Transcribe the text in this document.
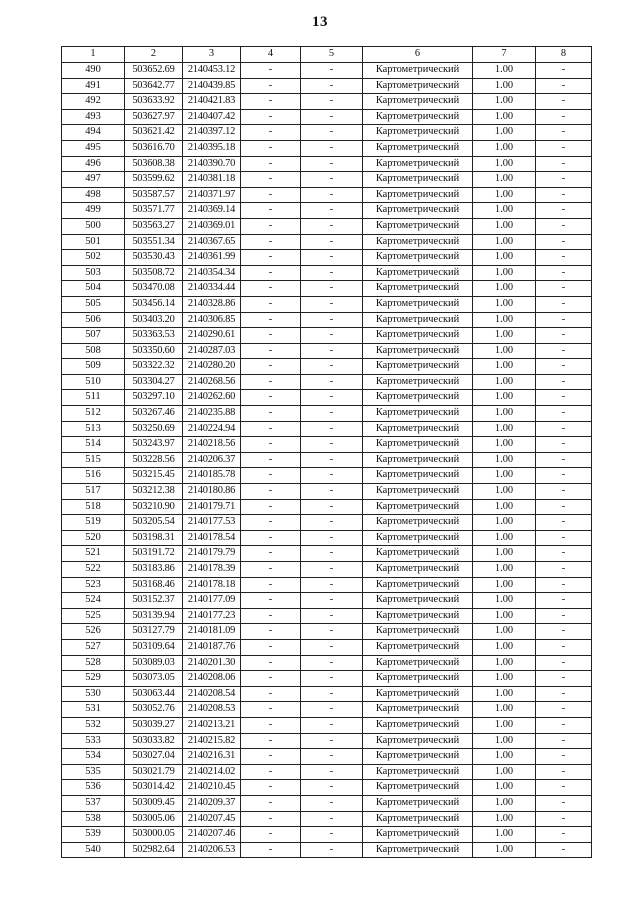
13
1	2	3	4	5	6	7	8
490	503652.69	2140453.12	-	-	Картометрический	1.00	-
491	503642.77	2140439.85	-	-	Картометрический	1.00	-
492	503633.92	2140421.83	-	-	Картометрический	1.00	-
493	503627.97	2140407.42	-	-	Картометрический	1.00	-
494	503621.42	2140397.12	-	-	Картометрический	1.00	-
495	503616.70	2140395.18	-	-	Картометрический	1.00	-
496	503608.38	2140390.70	-	-	Картометрический	1.00	-
497	503599.62	2140381.18	-	-	Картометрический	1.00	-
498	503587.57	2140371.97	-	-	Картометрический	1.00	-
499	503571.77	2140369.14	-	-	Картометрический	1.00	-
500	503563.27	2140369.01	-	-	Картометрический	1.00	-
501	503551.34	2140367.65	-	-	Картометрический	1.00	-
502	503530.43	2140361.99	-	-	Картометрический	1.00	-
503	503508.72	2140354.34	-	-	Картометрический	1.00	-
504	503470.08	2140334.44	-	-	Картометрический	1.00	-
505	503456.14	2140328.86	-	-	Картометрический	1.00	-
506	503403.20	2140306.85	-	-	Картометрический	1.00	-
507	503363.53	2140290.61	-	-	Картометрический	1.00	-
508	503350.60	2140287.03	-	-	Картометрический	1.00	-
509	503322.32	2140280.20	-	-	Картометрический	1.00	-
510	503304.27	2140268.56	-	-	Картометрический	1.00	-
511	503297.10	2140262.60	-	-	Картометрический	1.00	-
512	503267.46	2140235.88	-	-	Картометрический	1.00	-
513	503250.69	2140224.94	-	-	Картометрический	1.00	-
514	503243.97	2140218.56	-	-	Картометрический	1.00	-
515	503228.56	2140206.37	-	-	Картометрический	1.00	-
516	503215.45	2140185.78	-	-	Картометрический	1.00	-
517	503212.38	2140180.86	-	-	Картометрический	1.00	-
518	503210.90	2140179.71	-	-	Картометрический	1.00	-
519	503205.54	2140177.53	-	-	Картометрический	1.00	-
520	503198.31	2140178.54	-	-	Картометрический	1.00	-
521	503191.72	2140179.79	-	-	Картометрический	1.00	-
522	503183.86	2140178.39	-	-	Картометрический	1.00	-
523	503168.46	2140178.18	-	-	Картометрический	1.00	-
524	503152.37	2140177.09	-	-	Картометрический	1.00	-
525	503139.94	2140177.23	-	-	Картометрический	1.00	-
526	503127.79	2140181.09	-	-	Картометрический	1.00	-
527	503109.64	2140187.76	-	-	Картометрический	1.00	-
528	503089.03	2140201.30	-	-	Картометрический	1.00	-
529	503073.05	2140208.06	-	-	Картометрический	1.00	-
530	503063.44	2140208.54	-	-	Картометрический	1.00	-
531	503052.76	2140208.53	-	-	Картометрический	1.00	-
532	503039.27	2140213.21	-	-	Картометрический	1.00	-
533	503033.82	2140215.82	-	-	Картометрический	1.00	-
534	503027.04	2140216.31	-	-	Картометрический	1.00	-
535	503021.79	2140214.02	-	-	Картометрический	1.00	-
536	503014.42	2140210.45	-	-	Картометрический	1.00	-
537	503009.45	2140209.37	-	-	Картометрический	1.00	-
538	503005.06	2140207.45	-	-	Картометрический	1.00	-
539	503000.05	2140207.46	-	-	Картометрический	1.00	-
540	502982.64	2140206.53	-	-	Картометрический	1.00	-
